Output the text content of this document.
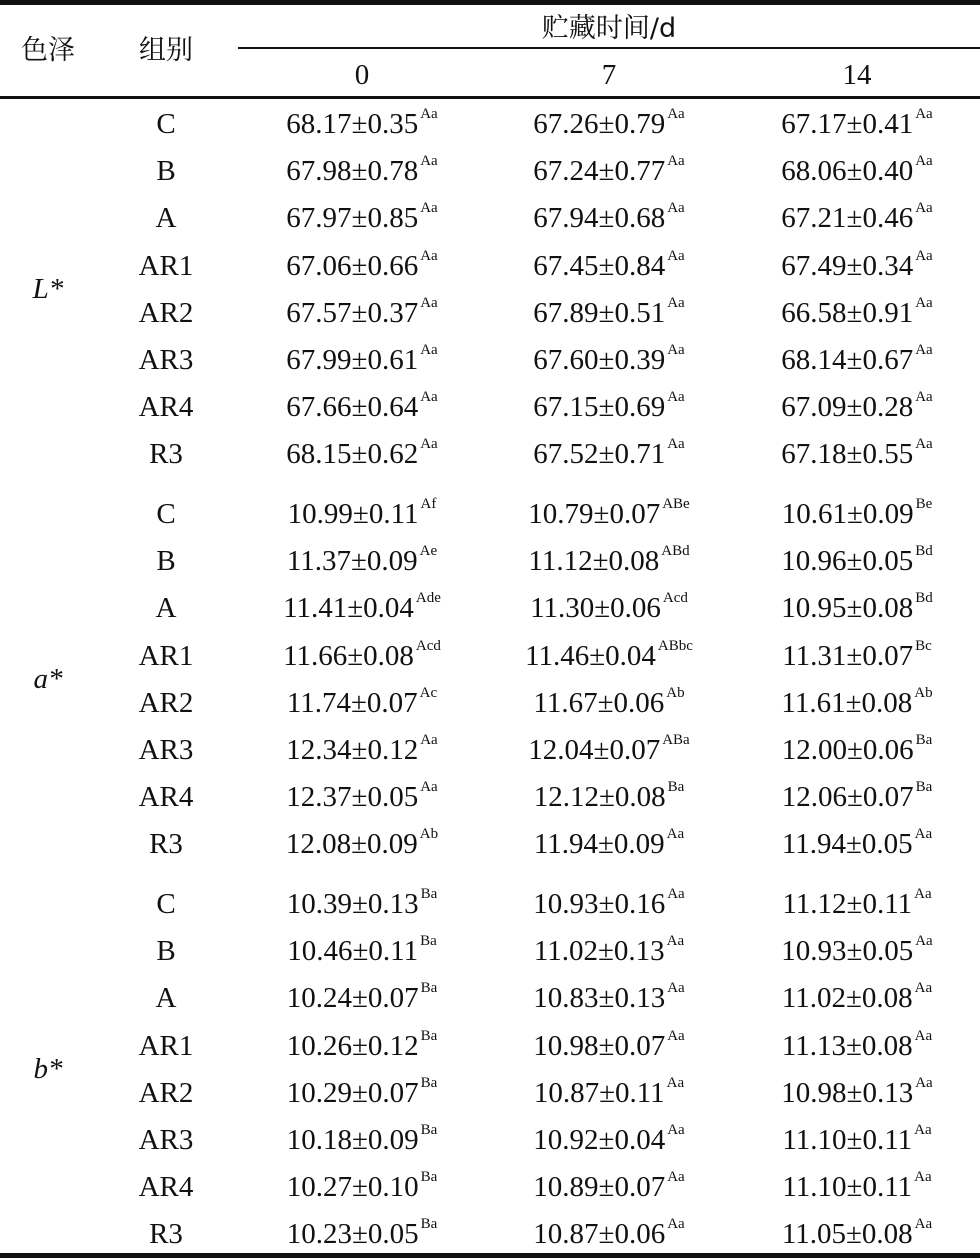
色泽 组别
贮藏时间/d
0	7	14
L*
C	68.17±0.35 $^{Aa}$	67.26±0.79 $^{Aa}$	67.17±0.41 $^{Aa}$
B	67.98±0.78 $^{Aa}$	67.24±0.77 $^{Aa}$	68.06±0.40 $^{Aa}$
A	67.97±0.85 $^{Aa}$	67.94±0.68 $^{Aa}$	67.21±0.46 $^{Aa}$
AR1	67.06±0.66 $^{Aa}$	67.45±0.84 $^{Aa}$	67.49±0.34 $^{Aa}$
AR2	67.57±0.37 $^{Aa}$	67.89±0.51 $^{Aa}$	66.58±0.91 $^{Aa}$
AR3	67.99±0.61 $^{Aa}$	67.60±0.39 $^{Aa}$	68.14±0.67 $^{Aa}$
AR4	67.66±0.64 $^{Aa}$	67.15±0.69 $^{Aa}$	67.09±0.28 $^{Aa}$
R3	68.15±0.62 $^{Aa}$	67.52±0.71 $^{Aa}$	67.18±0.55 $^{Aa}$
a*
C	10.99±0.11 $^{Af}$	10.79±0.07 $^{ABe}$	10.61±0.09 $^{Be}$
B	11.37±0.09 $^{Ae}$	11.12±0.08 $^{ABd}$	10.96±0.05 $^{Bd}$
A	11.41±0.04 $^{Ade}$	11.30±0.06 $^{Acd}$	10.95±0.08 $^{Bd}$
AR1	11.66±0.08 $^{Acd}$	11.46±0.04 $^{ABbc}$	11.31±0.07 $^{Bc}$
AR2	11.74±0.07 $^{Ac}$	11.67±0.06 $^{Ab}$	11.61±0.08 $^{Ab}$
AR3	12.34±0.12 $^{Aa}$	12.04±0.07 $^{ABa}$	12.00±0.06 $^{Ba}$
AR4	12.37±0.05 $^{Aa}$	12.12±0.08 $^{Ba}$	12.06±0.07 $^{Ba}$
R3	12.08±0.09 $^{Ab}$	11.94±0.09 $^{Aa}$	11.94±0.05 $^{Aa}$
b*
C	10.39±0.13 $^{Ba}$	10.93±0.16 $^{Aa}$	11.12±0.11 $^{Aa}$
B	10.46±0.11 $^{Ba}$	11.02±0.13 $^{Aa}$	10.93±0.05 $^{Aa}$
A	10.24±0.07 $^{Ba}$	10.83±0.13 $^{Aa}$	11.02±0.08 $^{Aa}$
AR1	10.26±0.12 $^{Ba}$	10.98±0.07 $^{Aa}$	11.13±0.08 $^{Aa}$
AR2	10.29±0.07 $^{Ba}$	10.87±0.11 $^{Aa}$	10.98±0.13 $^{Aa}$
AR3	10.18±0.09 $^{Ba}$	10.92±0.04 $^{Aa}$	11.10±0.11 $^{Aa}$
AR4	10.27±0.10 $^{Ba}$	10.89±0.07 $^{Aa}$	11.10±0.11 $^{Aa}$
R3	10.23±0.05 $^{Ba}$	10.87±0.06 $^{Aa}$	11.05±0.08 $^{Aa}$
